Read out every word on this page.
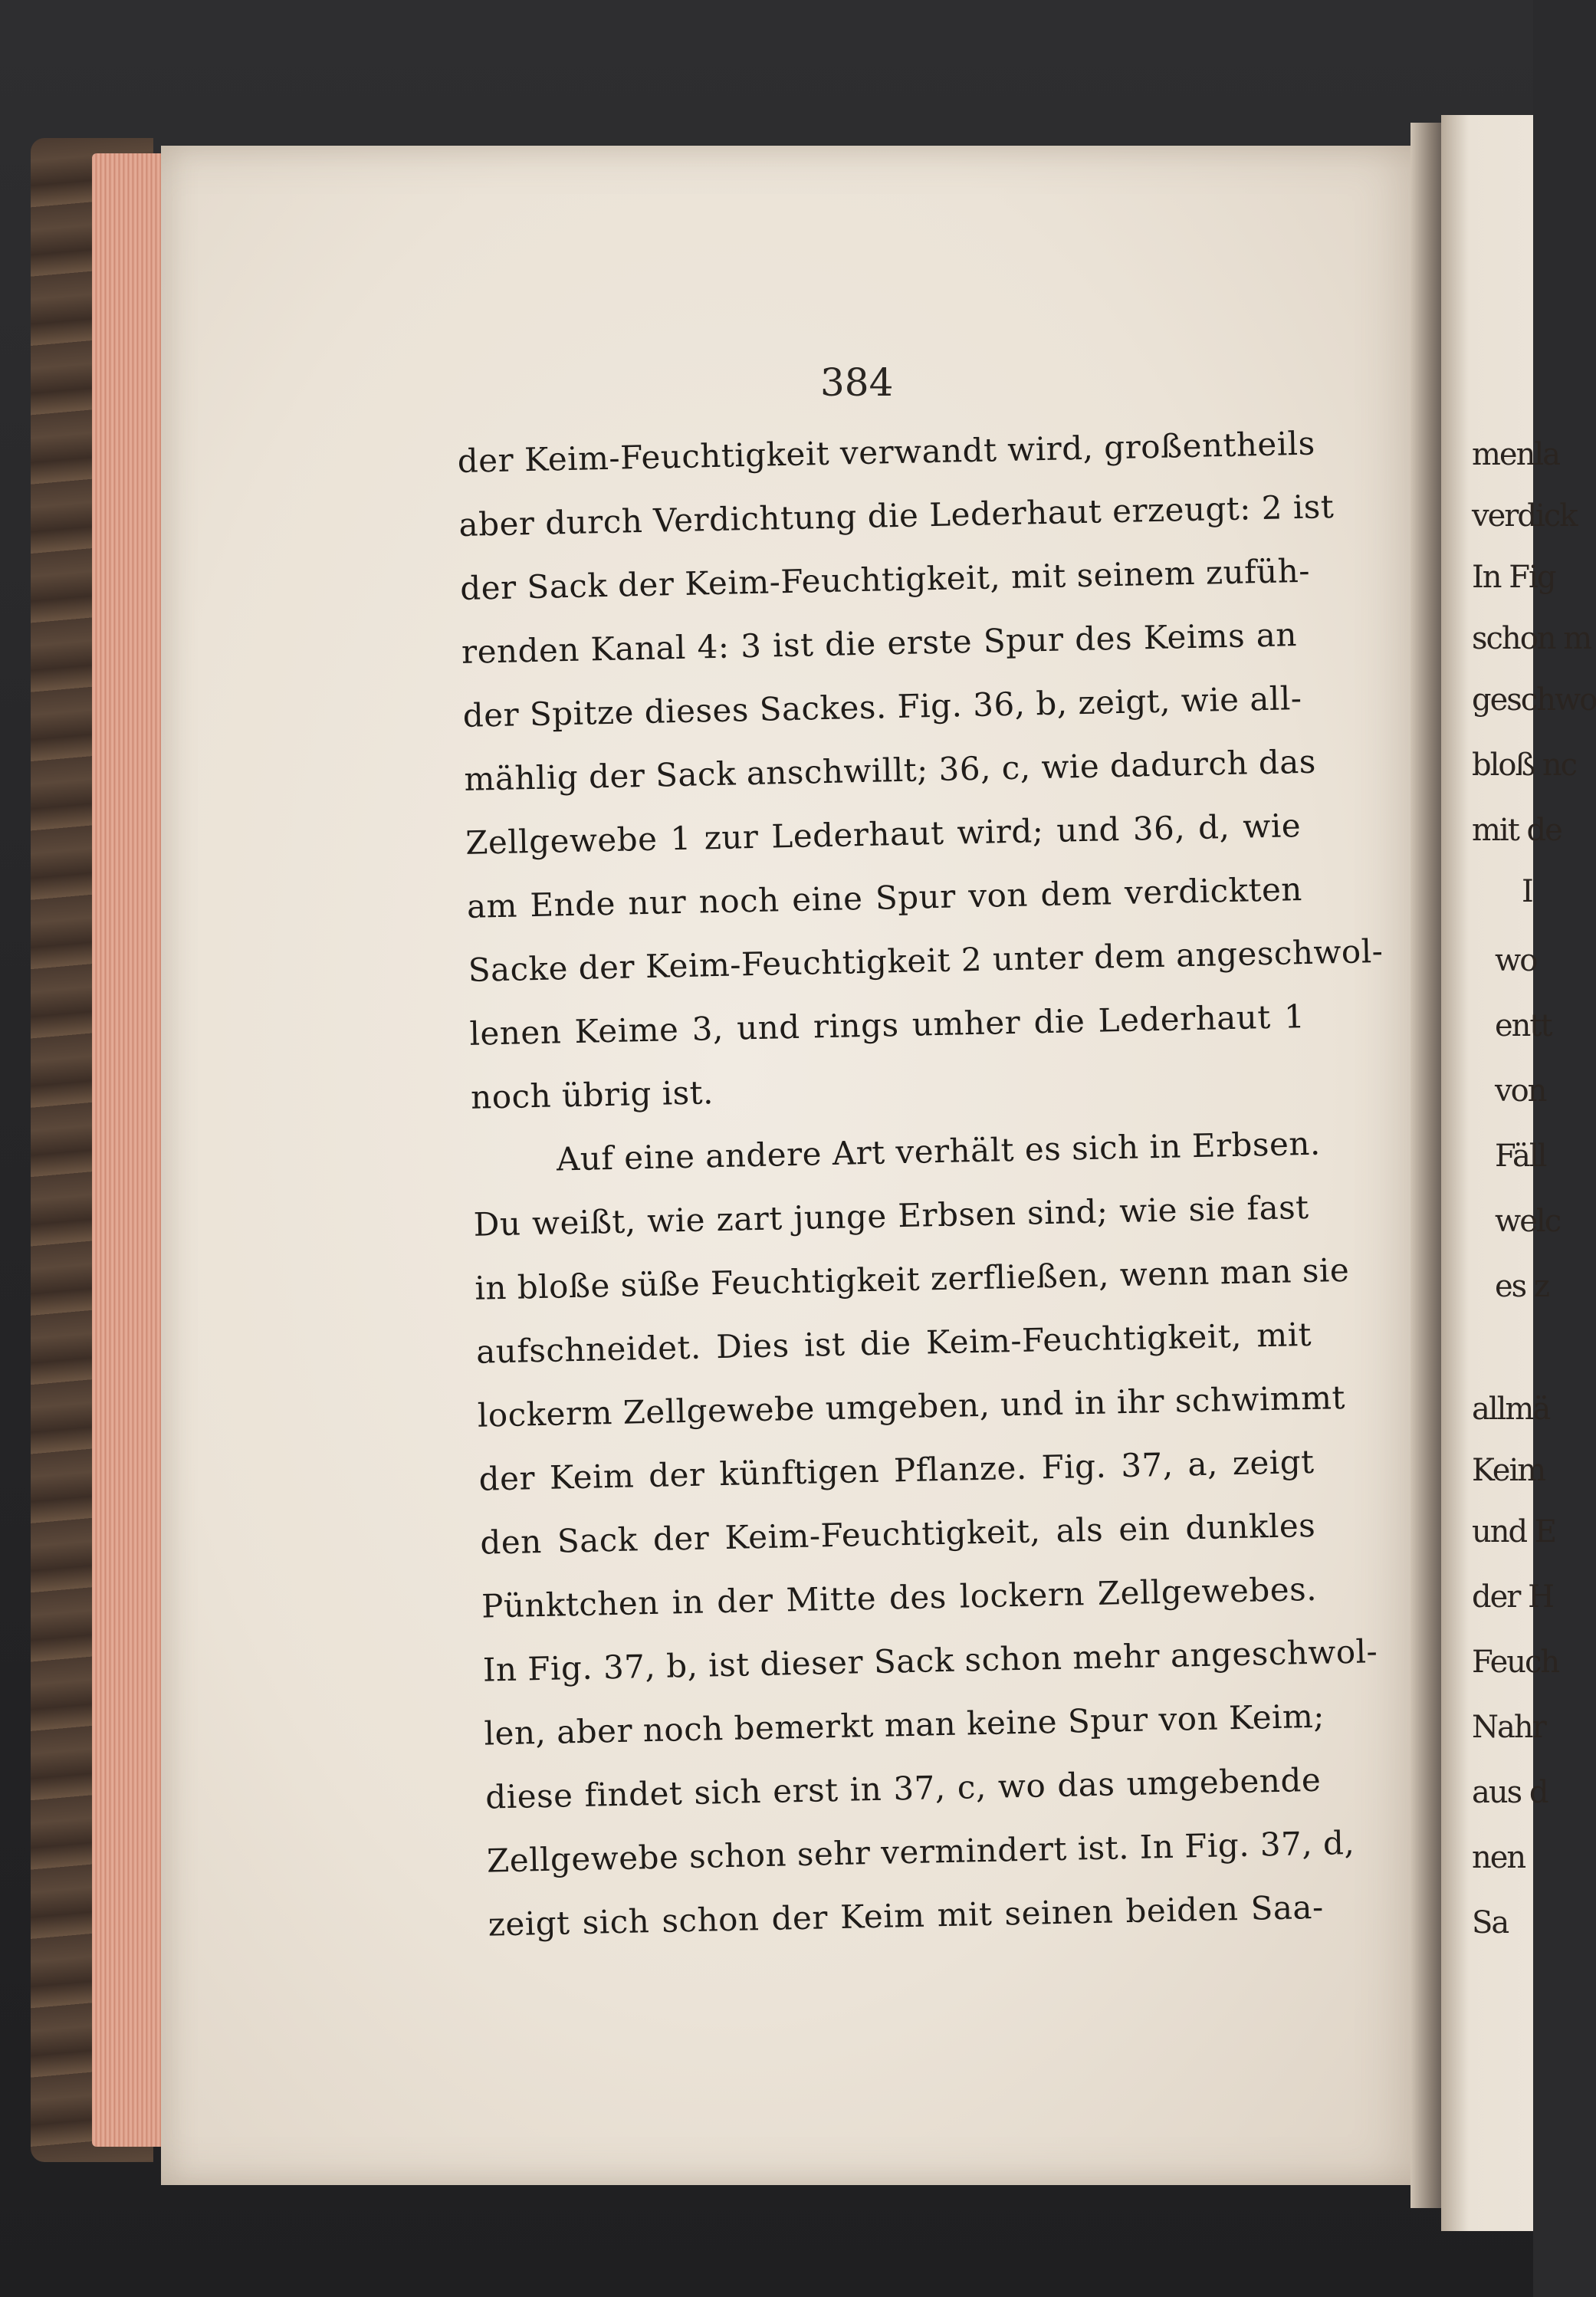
384
der Keim-Feuchtigkeit verwandt wird, großentheils
aber durch Verdichtung die Lederhaut erzeugt: 2 ist
der Sack der Keim-Feuchtigkeit, mit seinem zufüh-
renden Kanal 4: 3 ist die erste Spur des Keims an
der Spitze dieses Sackes. Fig. 36, b, zeigt, wie all-
mählig der Sack anschwillt; 36, c, wie dadurch das
Zellgewebe 1 zur Lederhaut wird; und 36, d, wie
am Ende nur noch eine Spur von dem verdickten
Sacke der Keim-Feuchtigkeit 2 unter dem angeschwol-
lenen Keime 3, und rings umher die Lederhaut 1
noch übrig ist.
Auf eine andere Art verhält es sich in Erbsen.
Du weißt, wie zart junge Erbsen sind; wie sie fast
in bloße süße Feuchtigkeit zerfließen, wenn man sie
aufschneidet. Dies ist die Keim-Feuchtigkeit, mit
lockerm Zellgewebe umgeben, und in ihr schwimmt
der Keim der künftigen Pflanze. Fig. 37, a, zeigt
den Sack der Keim-Feuchtigkeit, als ein dunkles
Pünktchen in der Mitte des lockern Zellgewebes.
In Fig. 37, b, ist dieser Sack schon mehr angeschwol-
len, aber noch bemerkt man keine Spur von Keim;
diese findet sich erst in 37, c, wo das umgebende
Zellgewebe schon sehr vermindert ist. In Fig. 37, d,
zeigt sich schon der Keim mit seinen beiden Saa-
menla
verdick
In Fig
schon m
geschwo
bloß nc
mit de
I
wo
entt
von
Fäll
welc
es z
allmä
Keim
und E
der H
Feuch
Nahr
aus d
nen
Sa
